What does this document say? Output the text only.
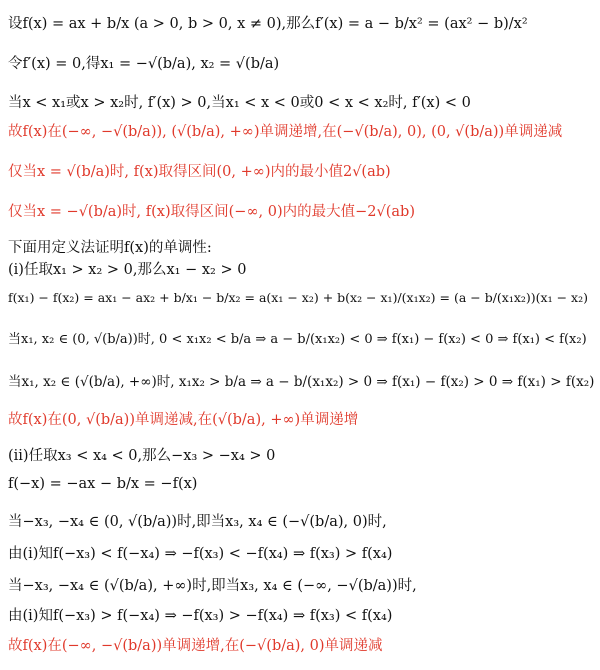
设f(x) = ax + b/x (a > 0, b > 0, x ≠ 0),那么f′(x) = a − b/x² = (ax² − b)/x²
令f′(x) = 0,得x₁ = −√(b/a), x₂ = √(b/a)
当x < x₁或x > x₂时, f′(x) > 0,当x₁ < x < 0或0 < x < x₂时, f′(x) < 0
故f(x)在(−∞, −√(b/a)), (√(b/a), +∞)单调递增,在(−√(b/a), 0), (0, √(b/a))单调递减
仅当x = √(b/a)时, f(x)取得区间(0, +∞)内的最小值2√(ab)
仅当x = −√(b/a)时, f(x)取得区间(−∞, 0)内的最大值−2√(ab)
下面用定义法证明f(x)的单调性:
(i)任取x₁ > x₂ > 0,那么x₁ − x₂ > 0
f(x₁) − f(x₂) = ax₁ − ax₂ + b/x₁ − b/x₂ = a(x₁ − x₂) + b(x₂ − x₁)/(x₁x₂) = (a − b/(x₁x₂))(x₁ − x₂)
当x₁, x₂ ∈ (0, √(b/a))时, 0 < x₁x₂ < b/a ⇒ a − b/(x₁x₂) < 0 ⇒ f(x₁) − f(x₂) < 0 ⇒ f(x₁) < f(x₂)
当x₁, x₂ ∈ (√(b/a), +∞)时, x₁x₂ > b/a ⇒ a − b/(x₁x₂) > 0 ⇒ f(x₁) − f(x₂) > 0 ⇒ f(x₁) > f(x₂)
故f(x)在(0, √(b/a))单调递减,在(√(b/a), +∞)单调递增
(ii)任取x₃ < x₄ < 0,那么−x₃ > −x₄ > 0
f(−x) = −ax − b/x = −f(x)
当−x₃, −x₄ ∈ (0, √(b/a))时,即当x₃, x₄ ∈ (−√(b/a), 0)时,
由(i)知f(−x₃) < f(−x₄) ⇒ −f(x₃) < −f(x₄) ⇒ f(x₃) > f(x₄)
当−x₃, −x₄ ∈ (√(b/a), +∞)时,即当x₃, x₄ ∈ (−∞, −√(b/a))时,
由(i)知f(−x₃) > f(−x₄) ⇒ −f(x₃) > −f(x₄) ⇒ f(x₃) < f(x₄)
故f(x)在(−∞, −√(b/a))单调递增,在(−√(b/a), 0)单调递减
